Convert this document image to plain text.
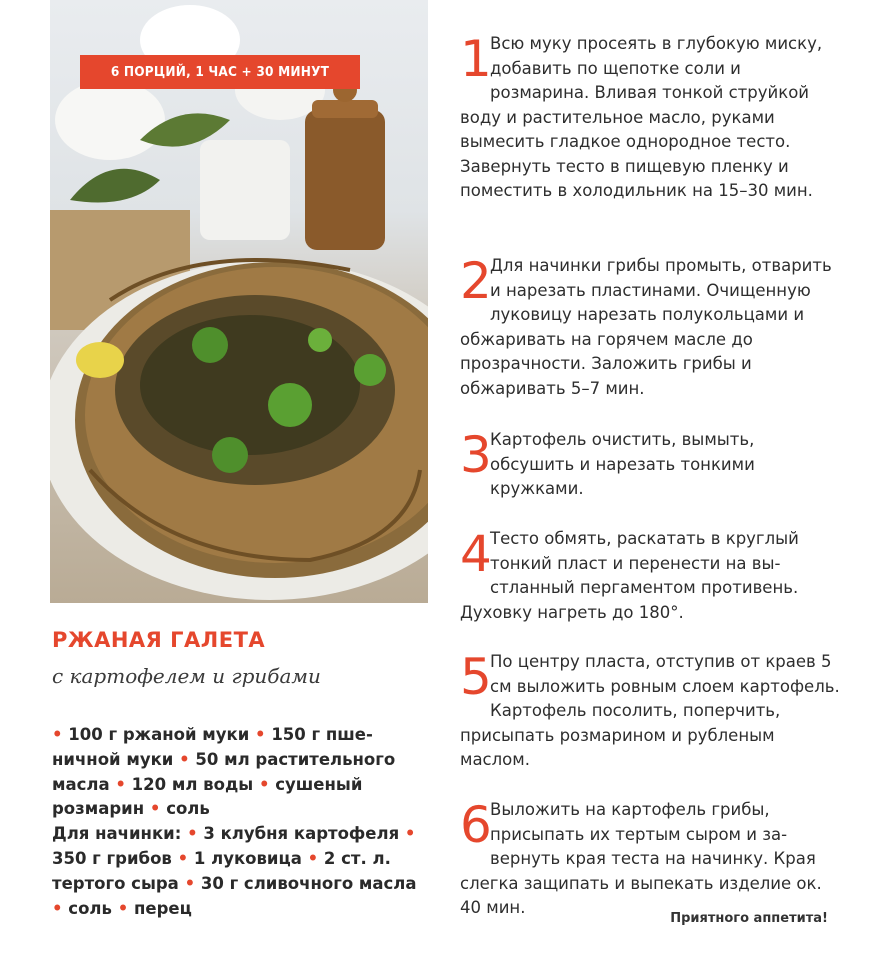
6 ПОРЦИЙ, 1 ЧАС + 30 МИНУТ
РЖАНАЯ ГАЛЕТА
с картофелем и грибами
• 100 г ржаной муки • 150 г пшеничной муки • 50 мл растительного масла • 120 мл воды • сушеный розмарин • соль
Для начинки: • 3 клубня картофеля • 350 г грибов • 1 луковица • 2 ст. л. тертого сыра • 30 г сливочного масла • соль • перец
1
Всю муку просеять в глубокую миску, добавить по щепотке соли и розмарина. Вливая тонкой струйкой воду и растительное масло, руками вымесить гладкое однородное тесто. Завернуть тесто в пищевую пленку и поместить в холодильник на 15–30 мин.
2
Для начинки грибы промыть, отварить и нарезать пластинами. Очищенную луковицу нарезать полукольцами и обжаривать на горячем масле до прозрачности. Заложить грибы и обжаривать 5–7 мин.
3
Картофель очистить, вымыть, обсушить и нарезать тонкими кружками.
4
Тесто обмять, раскатать в круглый тонкий пласт и перенести на выстланный пергаментом противень. Духовку нагреть до 180°.
5
По центру пласта, отступив от краев 5 см выложить ровным слоем картофель. Картофель посолить, поперчить, присыпать розмарином и рубленым маслом.
6
Выложить на картофель грибы, присыпать их тертым сыром и завернуть края теста на начинку. Края слегка защипать и выпекать изделие ок. 40 мин.
Приятного аппетита!
